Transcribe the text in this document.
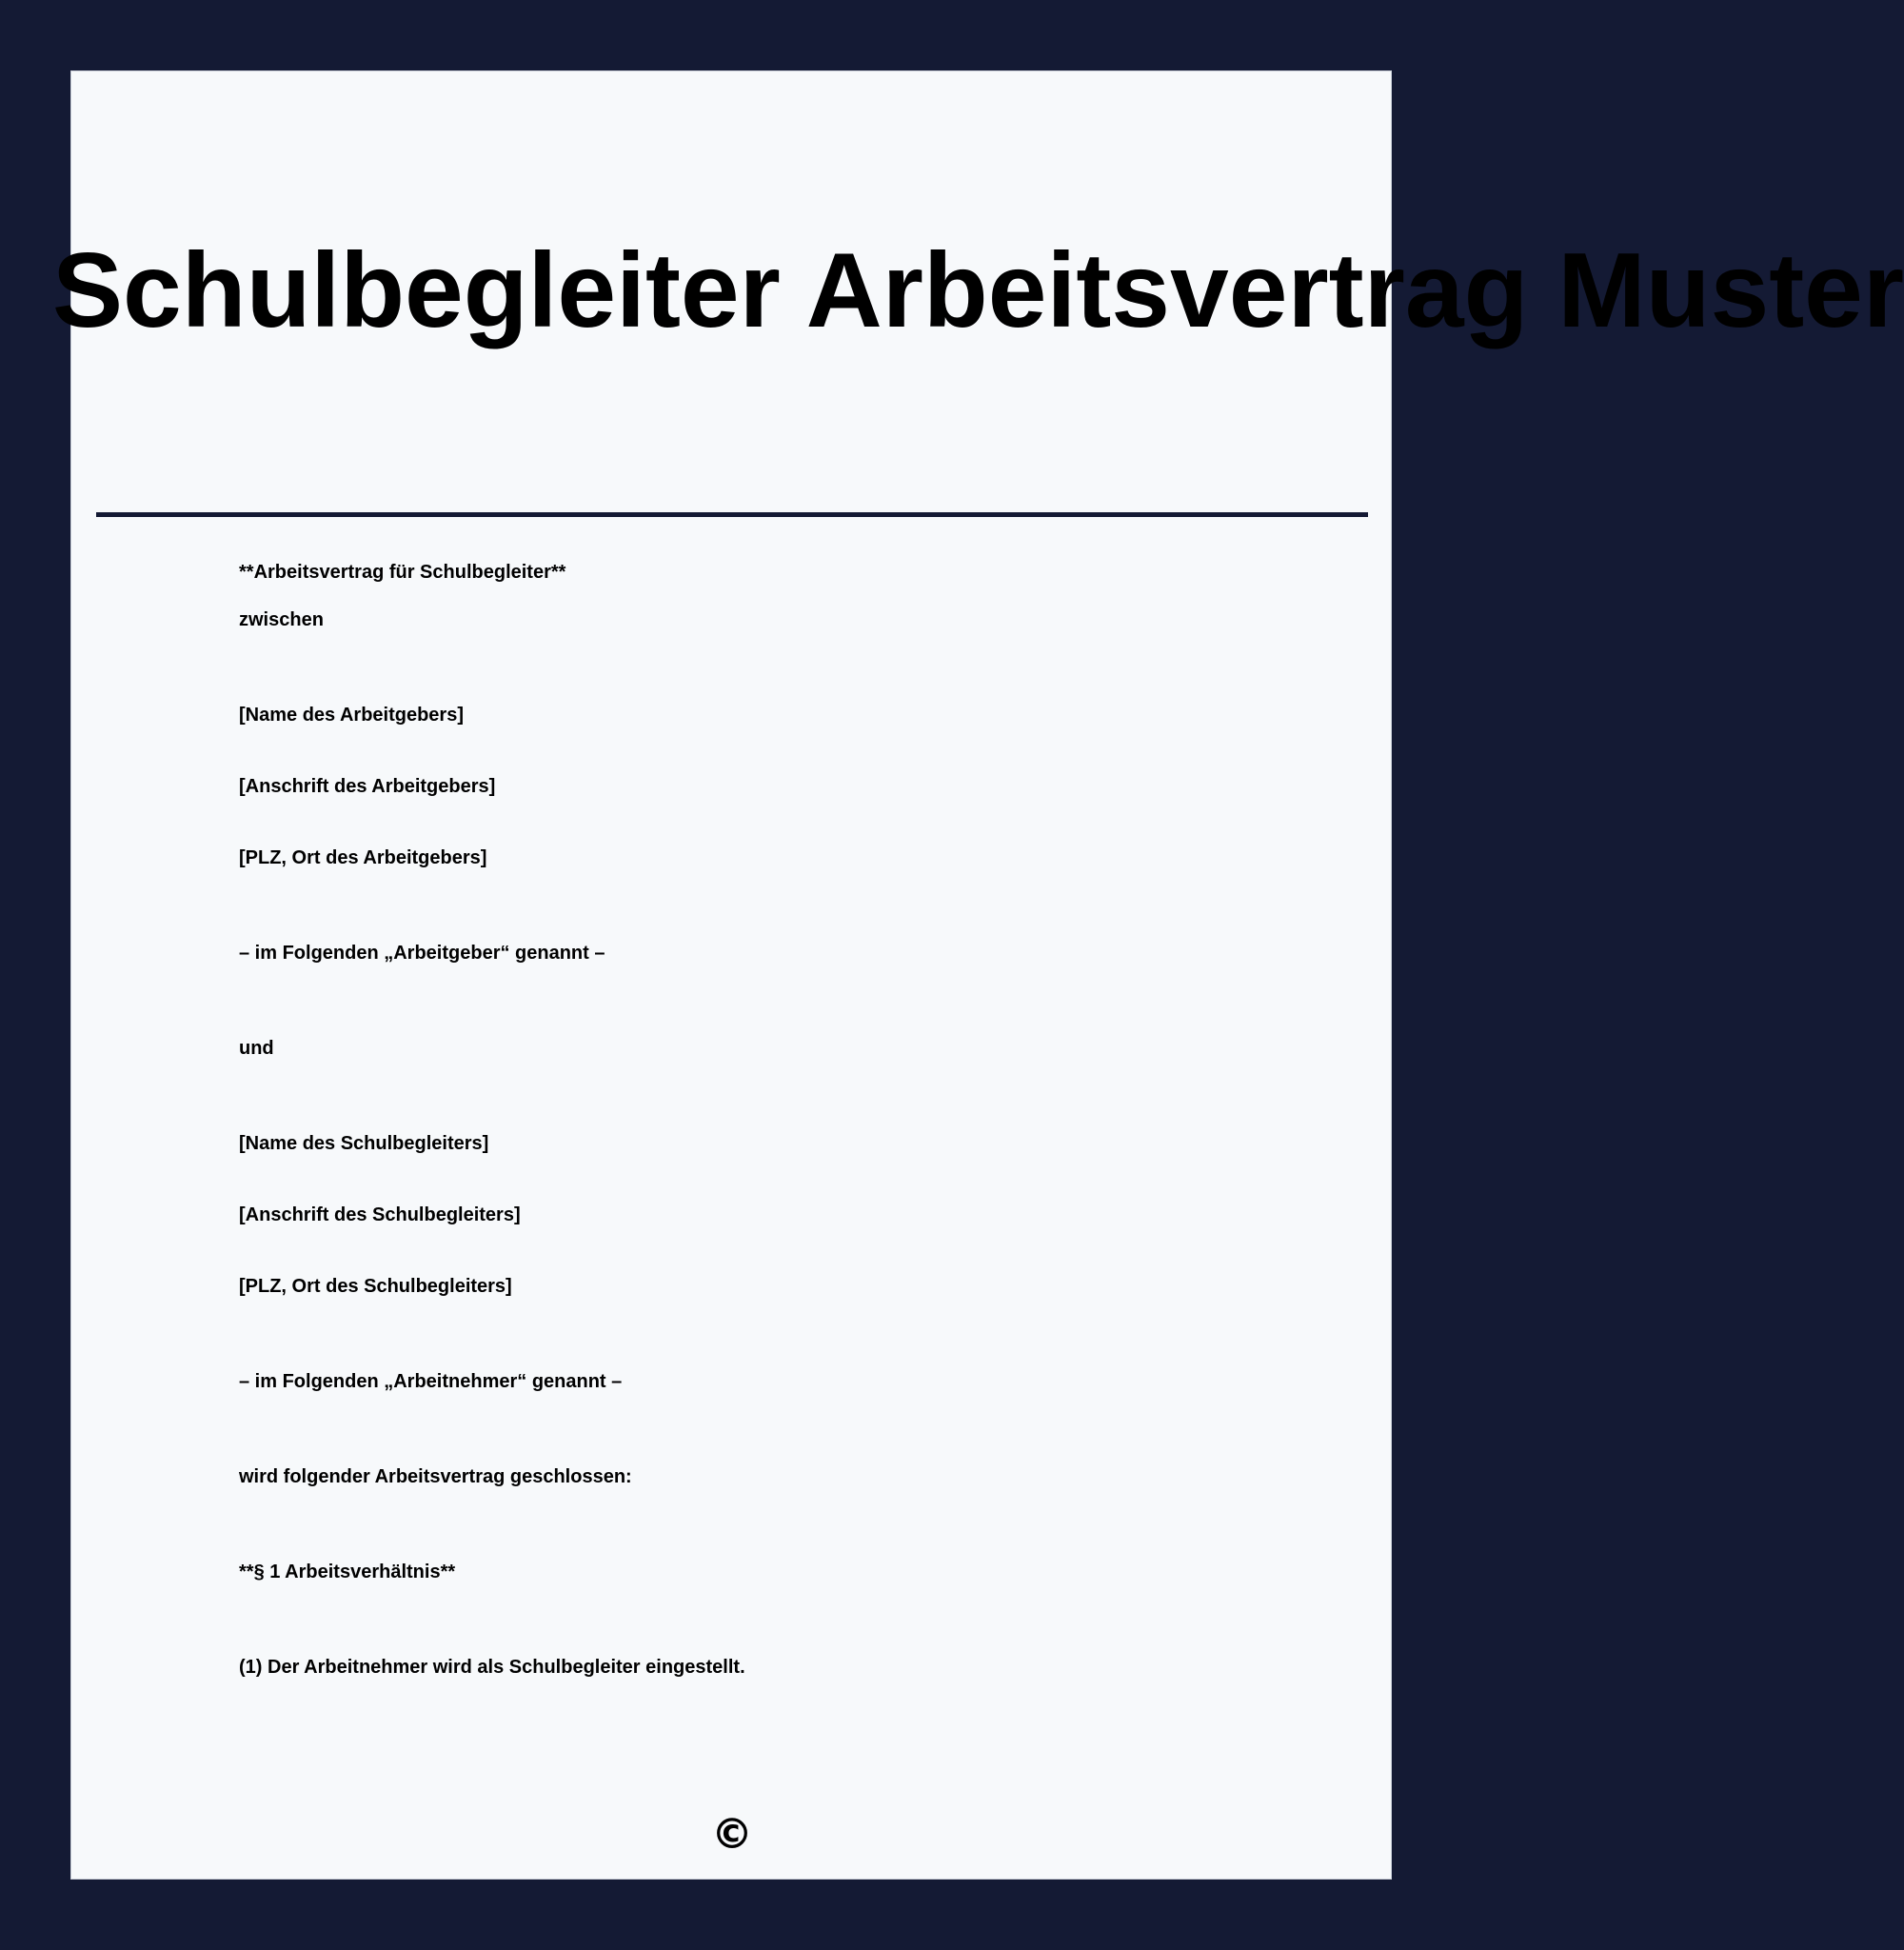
Schulbegleiter Arbeitsvertrag Muster
**Arbeitsvertrag für Schulbegleiter**
zwischen
[Name des Arbeitgebers]
[Anschrift des Arbeitgebers]
[PLZ, Ort des Arbeitgebers]
– im Folgenden „Arbeitgeber“ genannt –
und
[Name des Schulbegleiters]
[Anschrift des Schulbegleiters]
[PLZ, Ort des Schulbegleiters]
– im Folgenden „Arbeitnehmer“ genannt –
wird folgender Arbeitsvertrag geschlossen:
**§ 1 Arbeitsverhältnis**
(1) Der Arbeitnehmer wird als Schulbegleiter eingestellt.
©
